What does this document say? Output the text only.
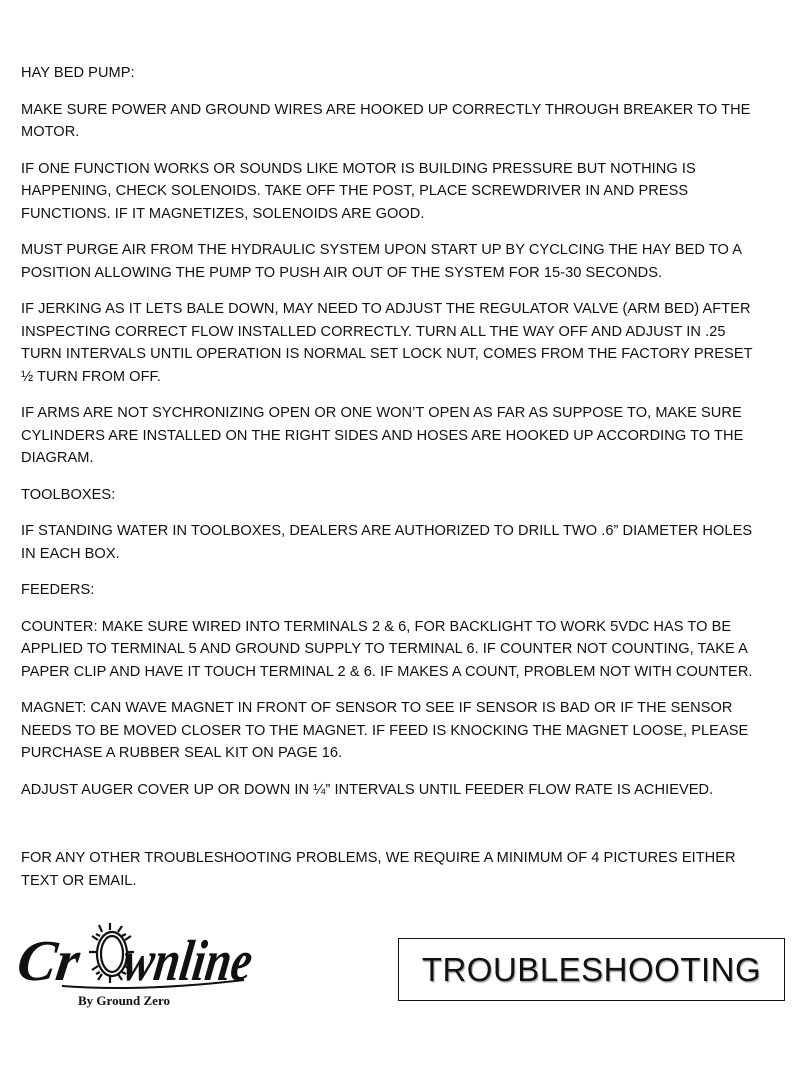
HAY BED PUMP:

MAKE SURE POWER AND GROUND WIRES ARE HOOKED UP CORRECTLY THROUGH BREAKER TO THE MOTOR.

IF ONE FUNCTION WORKS OR SOUNDS LIKE MOTOR IS BUILDING PRESSURE BUT NOTHING IS HAPPENING, CHECK SOLENOIDS. TAKE OFF THE POST, PLACE SCREWDRIVER IN AND PRESS FUNCTIONS. IF IT MAGNETIZES, SOLENOIDS ARE GOOD.

MUST PURGE AIR FROM THE HYDRAULIC SYSTEM UPON START UP BY CYCLCING THE HAY BED TO A POSITION ALLOWING THE PUMP TO PUSH AIR OUT OF THE SYSTEM FOR 15-30 SECONDS.

IF JERKING AS IT LETS BALE DOWN, MAY NEED TO ADJUST THE REGULATOR VALVE (ARM BED) AFTER INSPECTING CORRECT FLOW INSTALLED CORRECTLY. TURN ALL THE WAY OFF AND ADJUST IN .25 TURN INTERVALS UNTIL OPERATION IS NORMAL SET LOCK NUT, COMES FROM THE FACTORY PRESET ½ TURN FROM OFF.

IF ARMS ARE NOT SYCHRONIZING OPEN OR ONE WON’T OPEN AS FAR AS SUPPOSE TO, MAKE SURE CYLINDERS ARE INSTALLED ON THE RIGHT SIDES AND HOSES ARE HOOKED UP ACCORDING TO THE DIAGRAM.

TOOLBOXES:

IF STANDING WATER IN TOOLBOXES, DEALERS ARE AUTHORIZED TO DRILL TWO .6” DIAMETER HOLES IN EACH BOX.

FEEDERS:

COUNTER: MAKE SURE WIRED INTO TERMINALS 2 & 6, FOR BACKLIGHT TO WORK 5VDC HAS TO BE APPLIED TO TERMINAL 5 AND GROUND SUPPLY TO TERMINAL 6. IF COUNTER NOT COUNTING, TAKE A PAPER CLIP AND HAVE IT TOUCH TERMINAL 2 & 6. IF MAKES A COUNT, PROBLEM NOT WITH COUNTER.

MAGNET: CAN WAVE MAGNET IN FRONT OF SENSOR TO SEE IF SENSOR IS BAD OR IF THE SENSOR NEEDS TO BE MOVED CLOSER TO THE MAGNET. IF FEED IS KNOCKING THE MAGNET LOOSE, PLEASE PURCHASE A RUBBER SEAL KIT ON PAGE 16.

ADJUST AUGER COVER UP OR DOWN IN ¼” INTERVALS UNTIL FEEDER FLOW RATE IS ACHIEVED.

FOR ANY OTHER TROUBLESHOOTING PROBLEMS, WE REQUIRE A MINIMUM OF 4 PICTURES EITHER TEXT OR EMAIL.

Cr wnline
By Ground Zero
TROUBLESHOOTING
